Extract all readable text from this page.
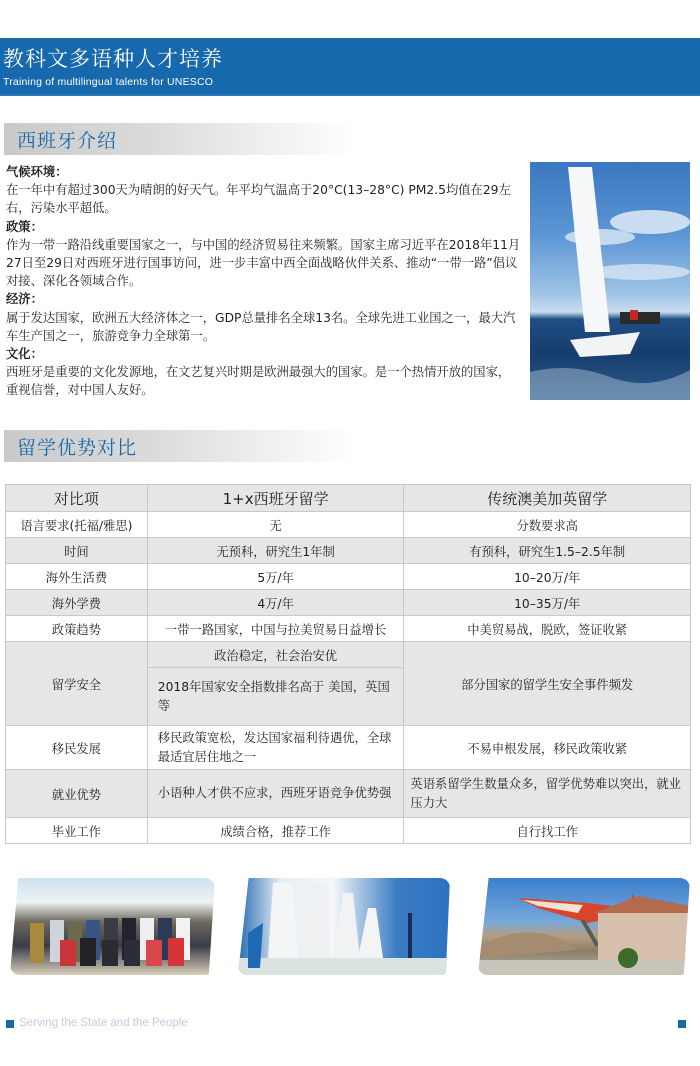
教科文多语种人才培养
Training of multilingual talents for UNESCO
西班牙介绍

气候环境：

在一年中有超过300天为晴朗的好天气。年平均气温高于20°C(13–28°C) PM2.5均值在29左右，污染水平超低。

政策：

作为一带一路沿线重要国家之一，与中国的经济贸易往来频繁。国家主席习近平在2018年11月27日至29日对西班牙进行国事访问，进一步丰富中西全面战略伙伴关系、推动“一带一路”倡议对接、深化各领域合作。

经济：

属于发达国家，欧洲五大经济体之一，GDP总量排名全球13名。全球先进工业国之一，最大汽车生产国之一，旅游竞争力全球第一。

文化：

西班牙是重要的文化发源地，在文艺复兴时期是欧洲最强大的国家。是一个热情开放的国家，重视信誉，对中国人友好。

留学优势对比
对比项	1+x西班牙留学	传统澳美加英留学
语言要求(托福/雅思)	无	分数要求高
时间	无预科，研究生1年制	有预科，研究生1.5–2.5年制
海外生活费	5万/年	10–20万/年
海外学费	4万/年	10–35万/年
政策趋势	一带一路国家，中国与拉美贸易日益增长	中美贸易战，脱欧，签证收紧
留学安全	政治稳定，社会治安优	部分国家的留学生安全事件频发
	2018年国家安全指数排名高于 美国，英国等	
移民发展	移民政策宽松，发达国家福利待遇优，全球最适宜居住地之一	不易申根发展，移民政策收紧
就业优势	小语种人才供不应求，西班牙语竞争优势强	英语系留学生数量众多，留学优势难以突出，就业压力大
毕业工作	成绩合格，推荐工作	自行找工作
Serving the State and the People
